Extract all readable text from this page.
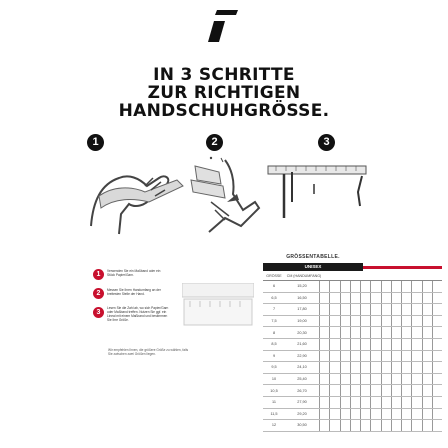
IN 3 SCHRITTE
ZUR RICHTIGEN
HANDSCHUHGRÖSSE.
1	2	3
GRÖSSENTABELLE.
UNISEX
GRÖSSE	CM (HANDUMFANG)
6	15,20
6,5	16,50
7	17,80
7,5	19,00
8	20,30
8,5	21,60
9	22,90
9,5	24,10
10	25,40
10,5	26,70
11	27,90
11,5	29,20
12	30,50
1	Verwenden Sie ein Maßband oder ein Stück Papier/Garn.
2	Messen Sie Ihren Handumfang an der breitesten Stelle der Hand.
3
Lesen Sie die Zahl ab, wo sich Papier/Garn oder Maßband treffen. Nutzen Sie ggf. ein Lineal mit einem Maßband und bestimmen Sie Ihre Größe.
Wir empfehlen Ihnen, die größere Größe zu wählen, falls Sie zwischen zwei Größen liegen.
